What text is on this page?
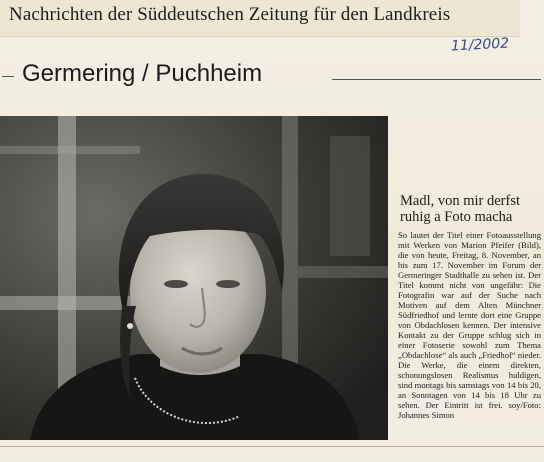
Nachrichten der Süddeutschen Zeitung für den Landkreis
11/2002
Germering / Puchheim
Madl, von mir derfst
ruhig a Foto macha

So lautet der Titel einer Fotoausstellung mit Werken von Marion Pfeifer (Bild), die von heute, Freitag, 8. November, an bis zum 17. November im Forum der Germeringer Stadthalle zu sehen ist. Der Titel kommt nicht von ungefähr: Die Fotografin war auf der Suche nach Motiven auf dem Alten Münchner Südfriedhof und lernte dort eine Gruppe von Obdachlosen kennen. Der intensive Kontakt zu der Gruppe schlug sich in einer Fotoserie sowohl zum Thema „Obdachlose“ als auch „Friedhof“ nieder. Die Werke, die einem direkten, schonungslosen Realismus huldigen, sind montags bis samstags von 14 bis 20, an Sonntagen von 14 bis 18 Uhr zu sehen. Der Eintritt ist frei. soy/Foto: Johannes Simon
